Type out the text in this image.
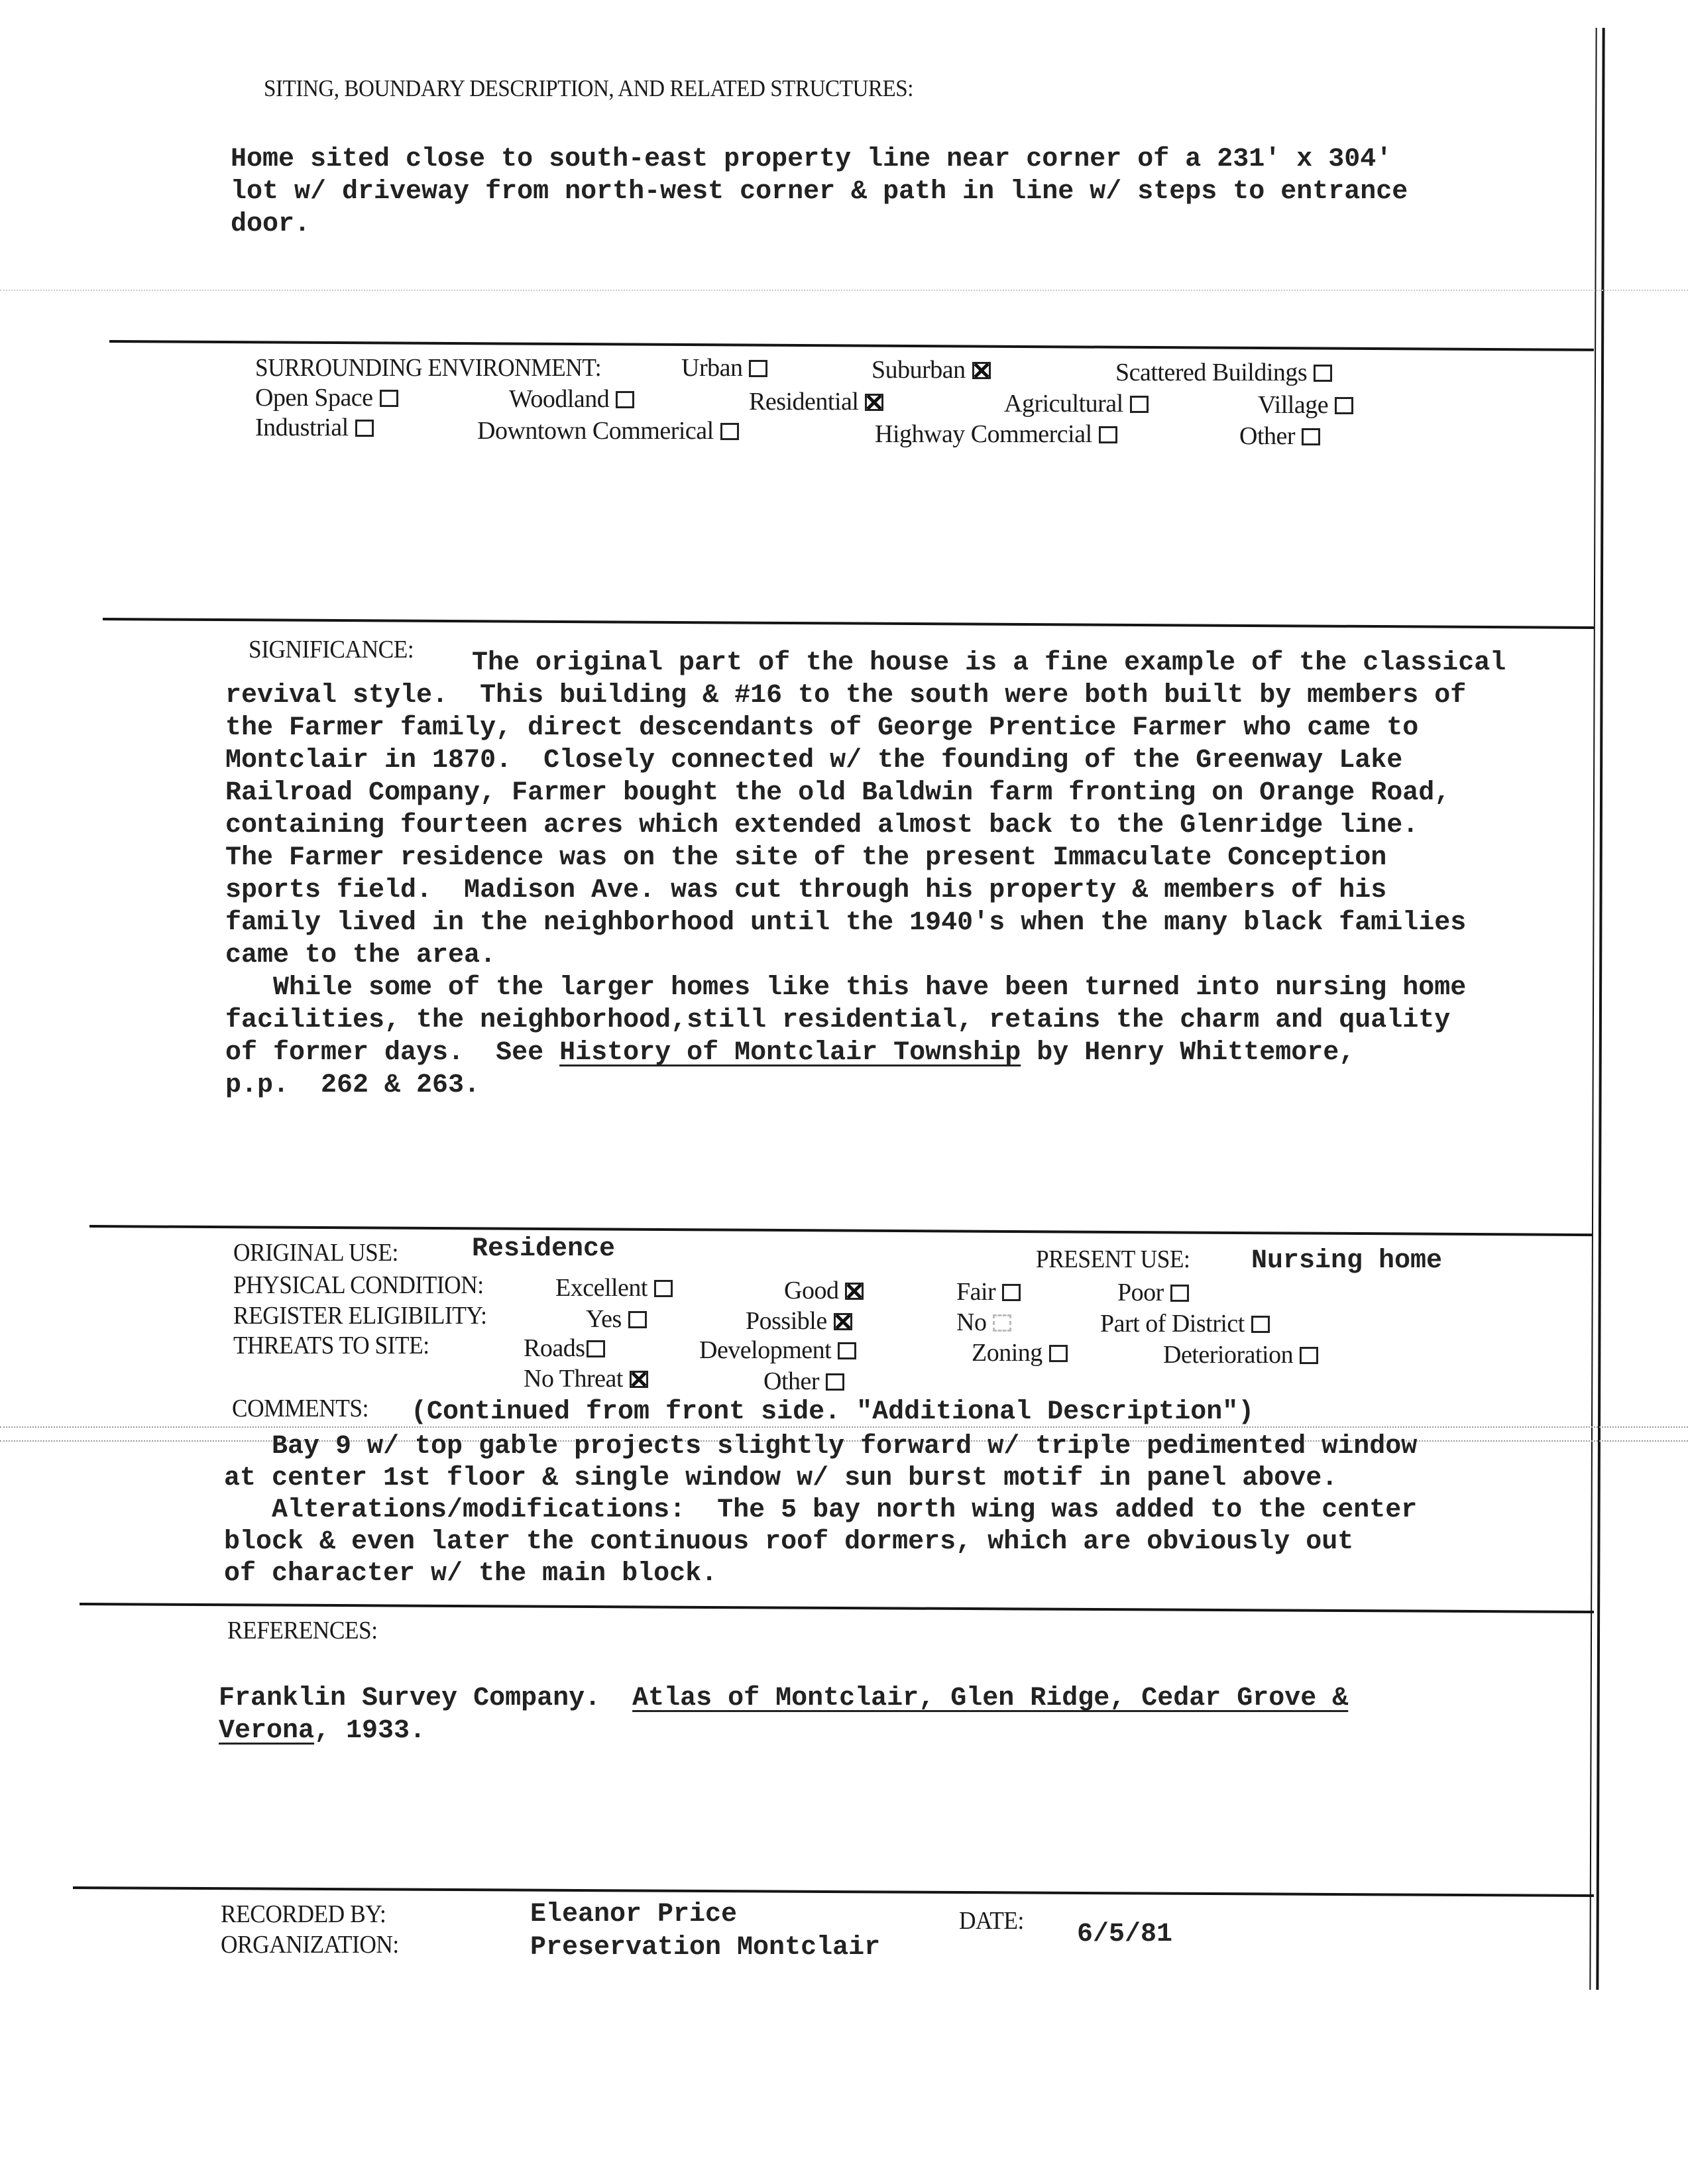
SITING, BOUNDARY DESCRIPTION, AND RELATED STRUCTURES:
Home sited close to south-east property line near corner of a 231' x 304'
lot w/ driveway from north-west corner & path in line w/ steps to entrance
door.
SURROUNDING ENVIRONMENT:	Urban	Suburban	Scattered Buildings
Open Space	Woodland	Residential	Agricultural	Village
Industrial	Downtown Commerical	Highway Commercial	Other
SIGNIFICANCE: The original part of the house is a fine example of the classical
revival style.  This building & #16 to the south were both built by members of
the Farmer family, direct descendants of George Prentice Farmer who came to
Montclair in 1870.  Closely connected w/ the founding of the Greenway Lake
Railroad Company, Farmer bought the old Baldwin farm fronting on Orange Road,
containing fourteen acres which extended almost back to the Glenridge line.
The Farmer residence was on the site of the present Immaculate Conception
sports field.  Madison Ave. was cut through his property & members of his
family lived in the neighborhood until the 1940's when the many black families
came to the area.
While some of the larger homes like this have been turned into nursing home
facilities, the neighborhood,still residential, retains the charm and quality
of former days.  See History of Montclair Township by Henry Whittemore,
p.p.  262 & 263.
ORIGINAL USE:	Residence	PRESENT USE: Nursing home
PHYSICAL CONDITION:	Excellent	Good	Fair	Poor
REGISTER ELIGIBILITY:	Yes	Possible	No	Part of District
THREATS TO SITE:	Roads	Development	Zoning	Deterioration
No Threat	Other
COMMENTS: (Continued from front side. "Additional Description")
Bay 9 w/ top gable projects slightly forward w/ triple pedimented window
at center 1st floor & single window w/ sun burst motif in panel above.
Alterations/modifications:  The 5 bay north wing was added to the center
block & even later the continuous roof dormers, which are obviously out
of character w/ the main block.
REFERENCES:
Franklin Survey Company.  Atlas of Montclair, Glen Ridge, Cedar Grove &
Verona, 1933.
RECORDED BY:	Eleanor Price
ORGANIZATION:	Preservation Montclair
DATE: 6/5/81
